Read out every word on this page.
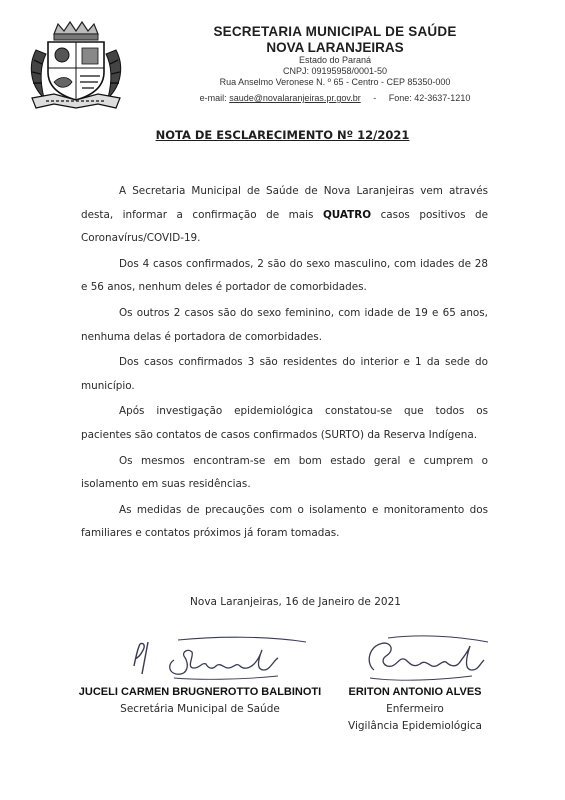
SECRETARIA MUNICIPAL DE SAÚDE
NOVA LARANJEIRAS
Estado do Paraná
CNPJ: 09195958/0001-50
Rua Anselmo Veronese N. º 65 - Centro - CEP 85350-000
e-mail: saude@novalaranjeiras.pr.gov.br - Fone: 42-3637-1210
NOTA DE ESCLARECIMENTO Nº 12/2021

A Secretaria Municipal de Saúde de Nova Laranjeiras vem através desta, informar a confirmação de mais QUATRO casos positivos de Coronavírus/COVID-19.

Dos 4 casos confirmados, 2 são do sexo masculino, com idades de 28 e 56 anos, nenhum deles é portador de comorbidades.

Os outros 2 casos são do sexo feminino, com idade de 19 e 65 anos, nenhuma delas é portadora de comorbidades.

Dos casos confirmados 3 são residentes do interior e 1 da sede do município.

Após investigação epidemiológica constatou-se que todos os pacientes são contatos de casos confirmados (SURTO) da Reserva Indígena.

Os mesmos encontram-se em bom estado geral e cumprem o isolamento em suas residências.

As medidas de precauções com o isolamento e monitoramento dos familiares e contatos próximos já foram tomadas.

Nova Laranjeiras, 16 de Janeiro de 2021
JUCELI CARMEN BRUGNEROTTO BALBINOTI
Secretária Municipal de Saúde
ERITON ANTONIO ALVES
Enfermeiro
Vigilância Epidemiológica
